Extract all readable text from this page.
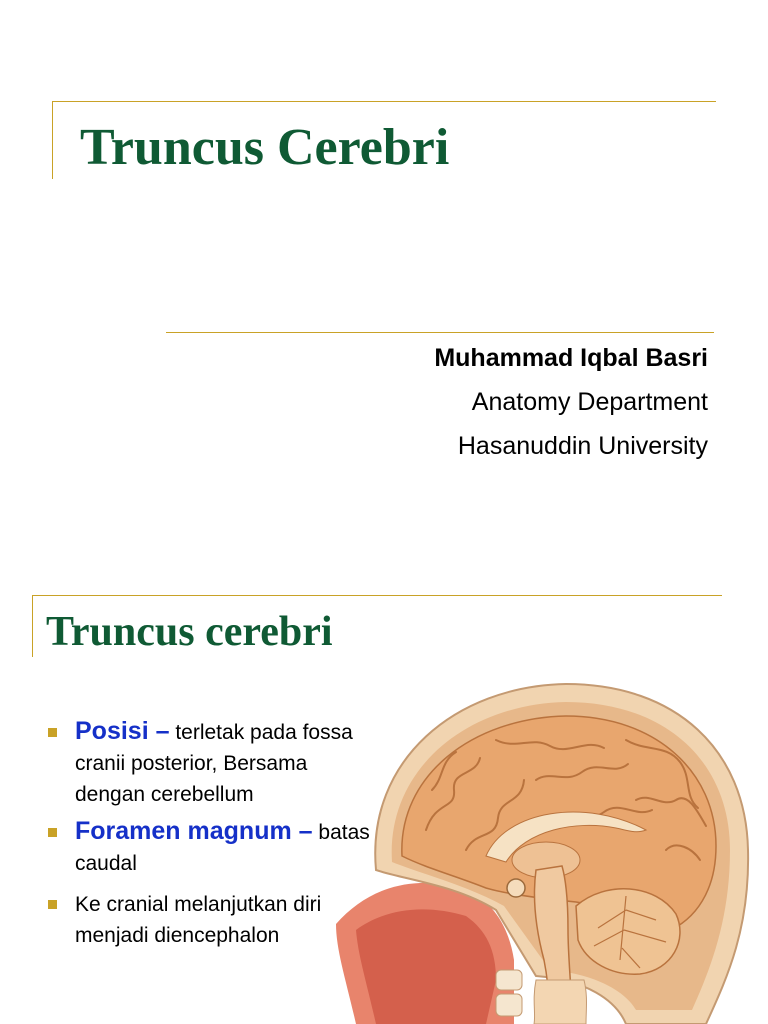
Truncus Cerebri
Muhammad Iqbal Basri
Anatomy Department
Hasanuddin University
Truncus cerebri
Posisi – terletak pada fossa cranii posterior, Bersama dengan cerebellum
Foramen magnum – batas caudal
Ke cranial melanjutkan diri menjadi diencephalon
